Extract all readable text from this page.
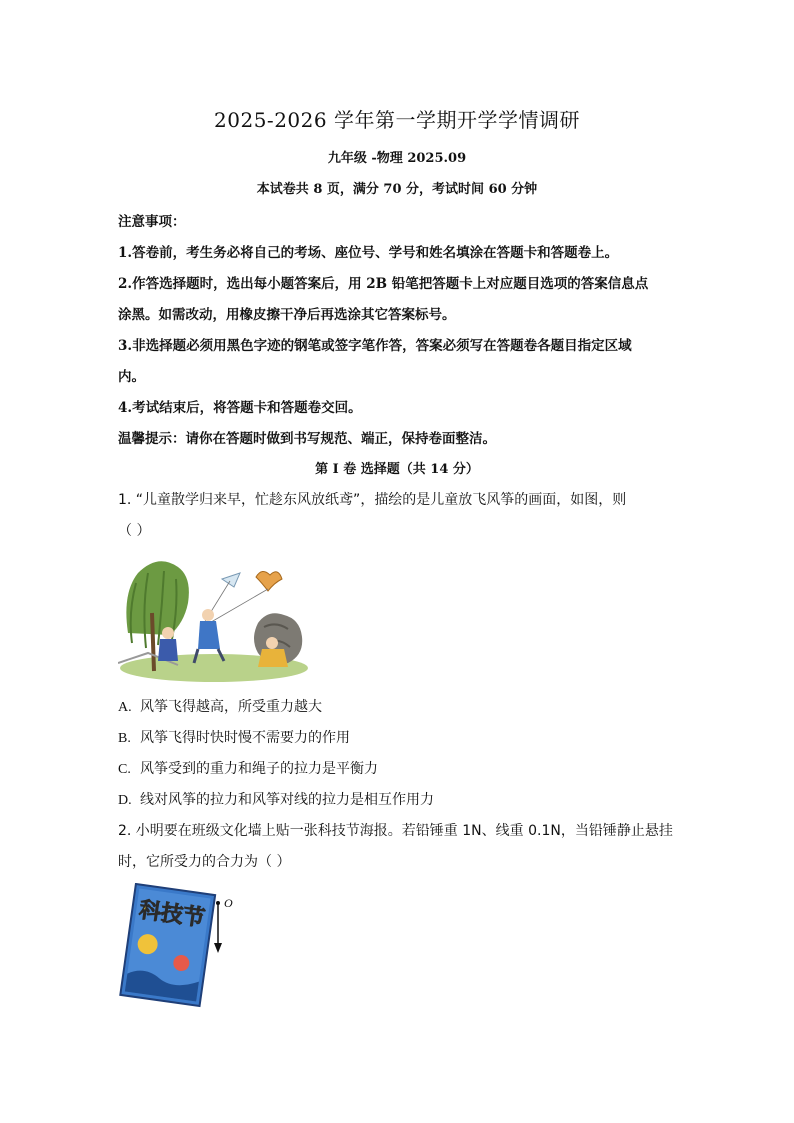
2025-2026 学年第一学期开学学情调研
九年级 -物理 2025.09
本试卷共 8 页，满分 70 分，考试时间 60 分钟
注意事项：
1.答卷前，考生务必将自己的考场、座位号、学号和姓名填涂在答题卡和答题卷上。
2.作答选择题时，选出每小题答案后，用 2B 铅笔把答题卡上对应题目选项的答案信息点
涂黑。如需改动，用橡皮擦干净后再选涂其它答案标号。
3.非选择题必须用黑色字迹的钢笔或签字笔作答，答案必须写在答题卷各题目指定区域
内。
4.考试结束后，将答题卡和答题卷交回。
温馨提示：请你在答题时做到书写规范、端正，保持卷面整洁。
第 I 卷 选择题（共 14 分）
1. “儿童散学归来早，忙趁东风放纸鸢”，描绘的是儿童放飞风筝的画面，如图，则
（ ）
A. 风筝飞得越高，所受重力越大
B. 风筝飞得时快时慢不需要力的作用
C. 风筝受到的重力和绳子的拉力是平衡力
D. 线对风筝的拉力和风筝对线的拉力是相互作用力
2. 小明要在班级文化墙上贴一张科技节海报。若铅锤重 1N、线重 0.1N，当铅锤静止悬挂
时，它所受力的合力为（ ）
科技节 O
